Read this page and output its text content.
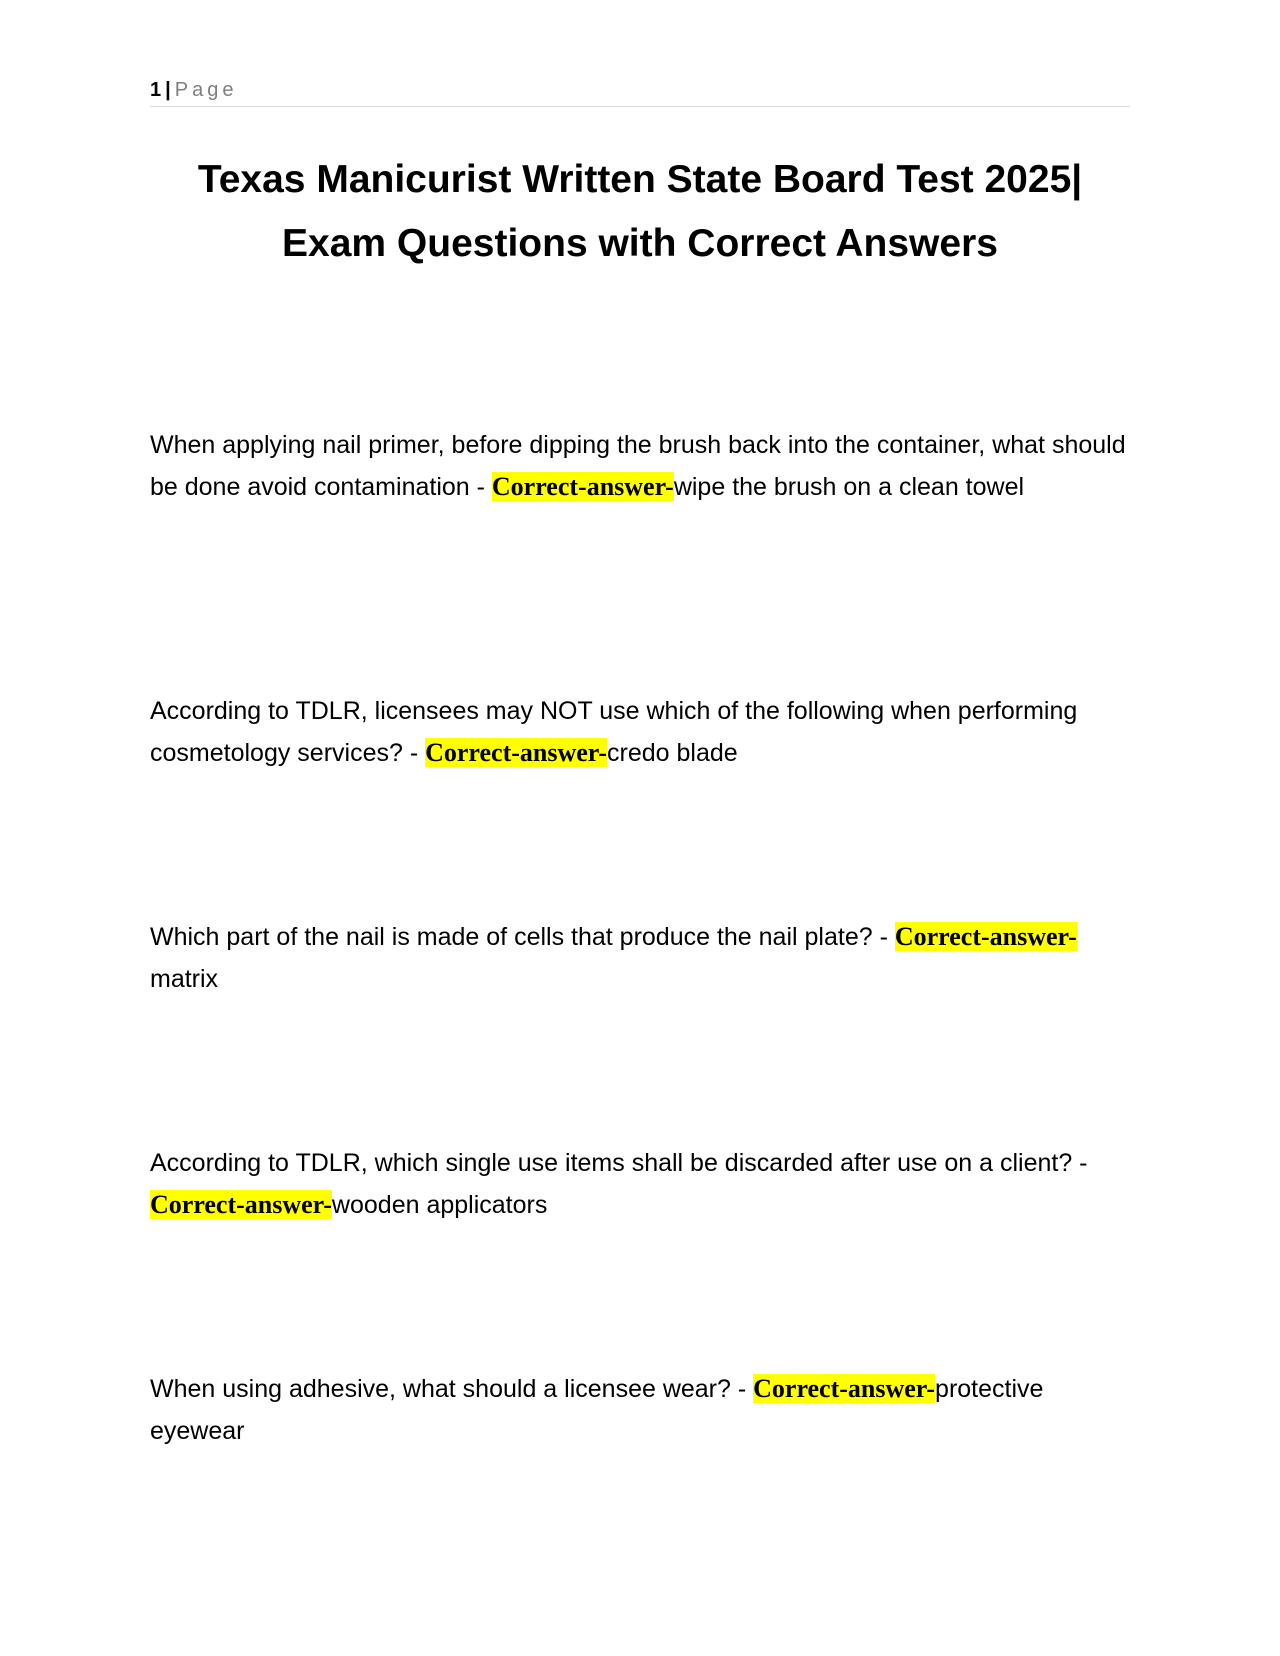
1 | Page
Texas Manicurist Written State Board Test 2025|
Exam Questions with Correct Answers

When applying nail primer, before dipping the brush back into the container, what should be done avoid contamination - Correct-answer-wipe the brush on a clean towel

According to TDLR, licensees may NOT use which of the following when performing cosmetology services? - Correct-answer-credo blade

Which part of the nail is made of cells that produce the nail plate? - Correct-answer-matrix

According to TDLR, which single use items shall be discarded after use on a client? - Correct-answer-wooden applicators

When using adhesive, what should a licensee wear? - Correct-answer-protective eyewear
